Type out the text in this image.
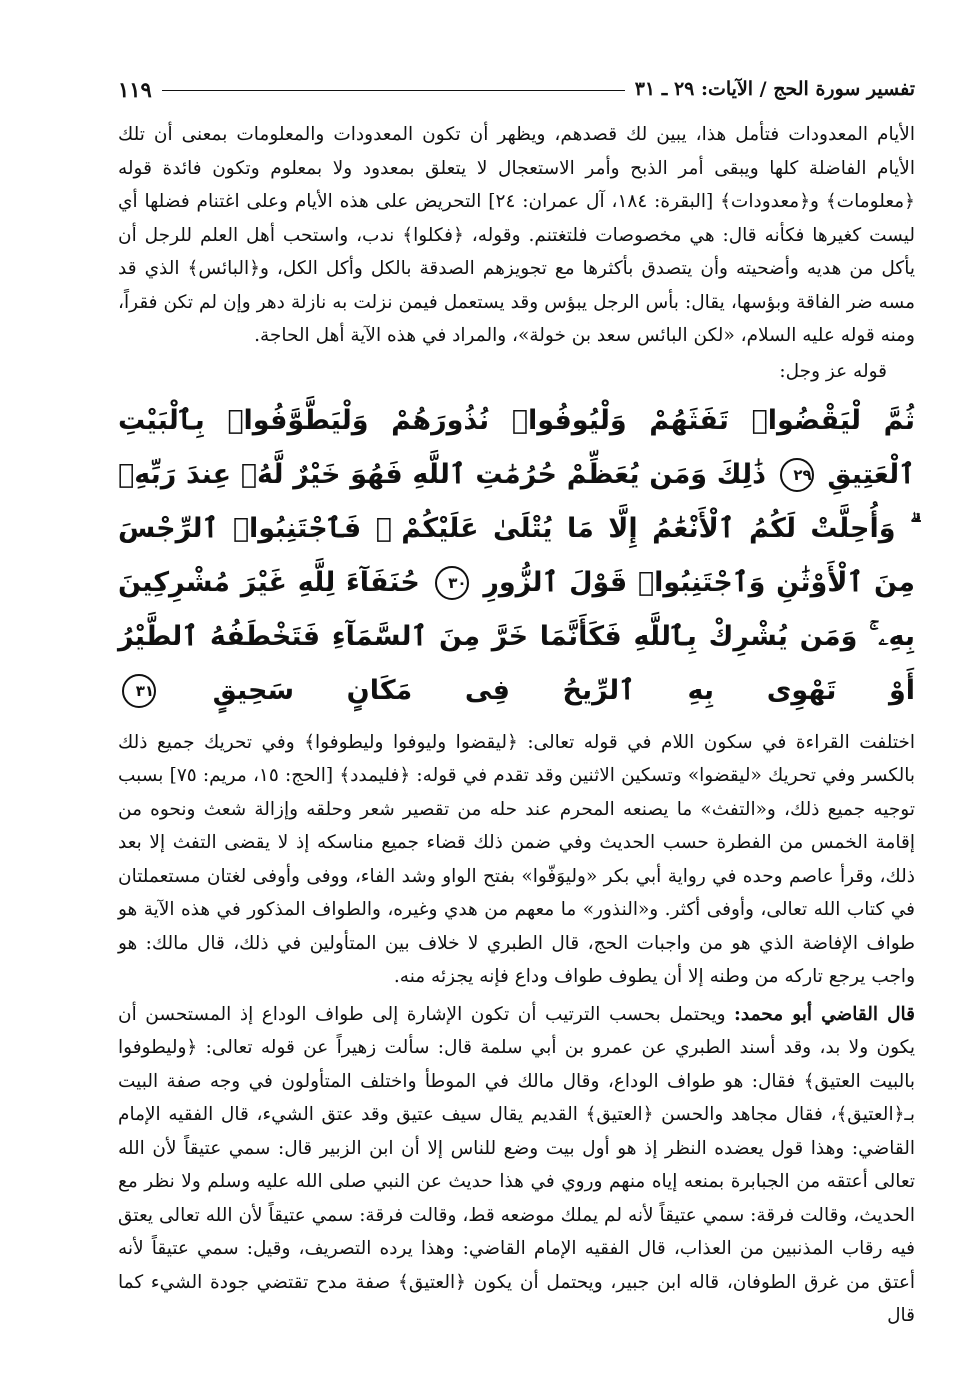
تفسير سورة الحج / الآيات: ٢٩ ـ ٣١
١١٩

الأيام المعدودات فتأمل هذا، يبين لك قصدهم، ويظهر أن تكون المعدودات والمعلومات بمعنى أن تلك الأيام الفاضلة كلها ويبقى أمر الذبح وأمر الاستعجال لا يتعلق بمعدود ولا بمعلوم وتكون فائدة قوله ﴿معلومات﴾ و﴿معدودات﴾ [البقرة: ١٨٤، آل عمران: ٢٤] التحريض على هذه الأيام وعلى اغتنام فضلها أي ليست كغيرها فكأنه قال: هي مخصوصات فلتغتنم. وقوله، ﴿فكلوا﴾ ندب، واستحب أهل العلم للرجل أن يأكل من هديه وأضحيته وأن يتصدق بأكثرها مع تجويزهم الصدقة بالكل وأكل الكل، و﴿البائس﴾ الذي قد مسه ضر الفاقة وبؤسها، يقال: بأس الرجل يبؤس وقد يستعمل فيمن نزلت به نازلة دهر وإن لم تكن فقراً، ومنه قوله عليه السلام، «لكن البائس سعد بن خولة»، والمراد في هذه الآية أهل الحاجة.

قوله عز وجل:

ثُمَّ لْيَقْضُوا۟ تَفَثَهُمْ وَلْيُوفُوا۟ نُذُورَهُمْ وَلْيَطَّوَّفُوا۟ بِٱلْبَيْتِ ٱلْعَتِيقِ ٢٩ ذَٰلِكَ وَمَن يُعَظِّمْ حُرُمَٰتِ ٱللَّهِ فَهُوَ خَيْرٌ لَّهُۥ عِندَ رَبِّهِۦ ۗ وَأُحِلَّتْ لَكُمُ ٱلْأَنْعَٰمُ إِلَّا مَا يُتْلَىٰ عَلَيْكُمْ ۖ فَٱجْتَنِبُوا۟ ٱلرِّجْسَ مِنَ ٱلْأَوْثَٰنِ وَٱجْتَنِبُوا۟ قَوْلَ ٱلزُّورِ ٣٠ حُنَفَآءَ لِلَّهِ غَيْرَ مُشْرِكِينَ بِهِۦ ۚ وَمَن يُشْرِكْ بِٱللَّهِ فَكَأَنَّمَا خَرَّ مِنَ ٱلسَّمَآءِ فَتَخْطَفُهُ ٱلطَّيْرُ أَوْ تَهْوِى بِهِ ٱلرِّيحُ فِى مَكَانٍ سَحِيقٍ ٣١

اختلفت القراءة في سكون اللام في قوله تعالى: ﴿ليقضوا وليوفوا وليطوفوا﴾ وفي تحريك جميع ذلك بالكسر وفي تحريك «ليقضوا» وتسكين الاثنين وقد تقدم في قوله: ﴿فليمدد﴾ [الحج: ١٥، مريم: ٧٥] بسبب توجيه جميع ذلك، و«التفث» ما يصنعه المحرم عند حله من تقصير شعر وحلقه وإزالة شعث ونحوه من إقامة الخمس من الفطرة حسب الحديث وفي ضمن ذلك قضاء جميع مناسكه إذ لا يقضى التفث إلا بعد ذلك، وقرأ عاصم وحده في رواية أبي بكر «وليوَفّوا» بفتح الواو وشد الفاء، ووفى وأوفى لغتان مستعملتان في كتاب الله تعالى، وأوفى أكثر. و«النذور» ما معهم من هدي وغيره، والطواف المذكور في هذه الآية هو طواف الإفاضة الذي هو من واجبات الحج، قال الطبري لا خلاف بين المتأولين في ذلك، قال مالك: هو واجب يرجع تاركه من وطنه إلا أن يطوف طواف وداع فإنه يجزئه منه.

قال القاضي أبو محمد: ويحتمل بحسب الترتيب أن تكون الإشارة إلى طواف الوداع إذ المستحسن أن يكون ولا بد، وقد أسند الطبري عن عمرو بن أبي سلمة قال: سألت زهيراً عن قوله تعالى: ﴿وليطوفوا بالبيت العتيق﴾ فقال: هو طواف الوداع، وقال مالك في الموطأ واختلف المتأولون في وجه صفة البيت بـ﴿العتيق﴾، فقال مجاهد والحسن ﴿العتيق﴾ القديم يقال سيف عتيق وقد عتق الشيء، قال الفقيه الإمام القاضي: وهذا قول يعضده النظر إذ هو أول بيت وضع للناس إلا أن ابن الزبير قال: سمي عتيقاً لأن الله تعالى أعتقه من الجبابرة بمنعه إياه منهم وروي في هذا حديث عن النبي صلى الله عليه وسلم ولا نظر مع الحديث، وقالت فرقة: سمي عتيقاً لأنه لم يملك موضعه قط، وقالت فرقة: سمي عتيقاً لأن الله تعالى يعتق فيه رقاب المذنبين من العذاب، قال الفقيه الإمام القاضي: وهذا يرده التصريف، وقيل: سمي عتيقاً لأنه أعتق من غرق الطوفان، قاله ابن جبير، ويحتمل أن يكون ﴿العتيق﴾ صفة مدح تقتضي جودة الشيء كما قال
